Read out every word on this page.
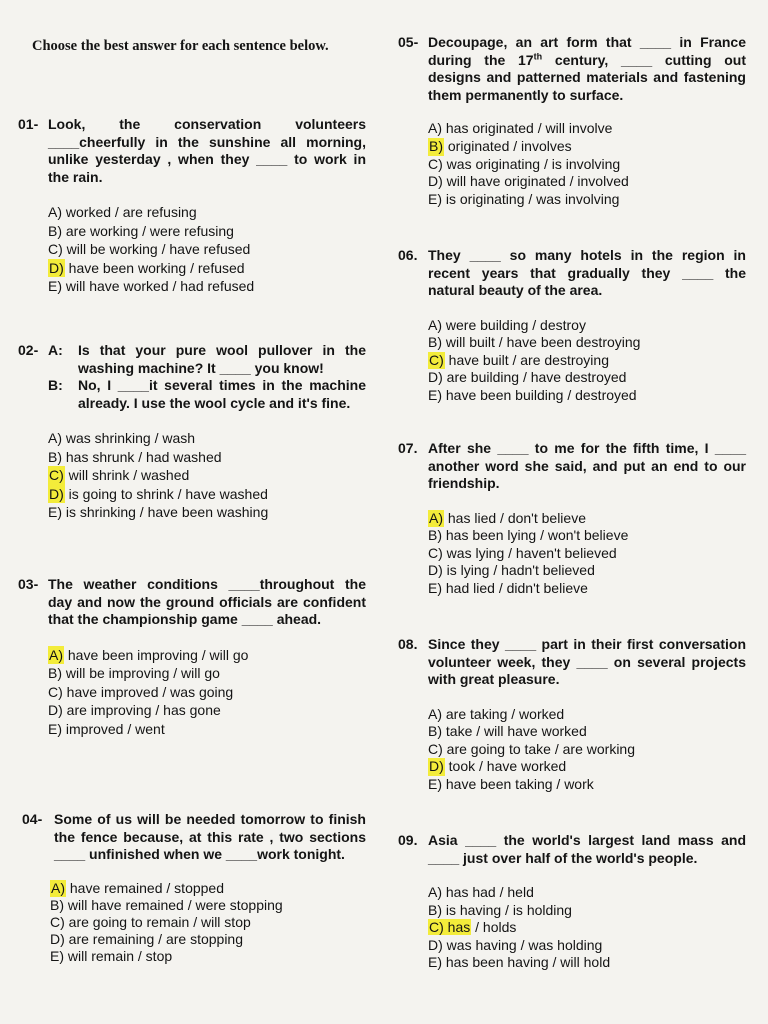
Choose the best answer for each sentence below.
01- Look, the conservation volunteers ____cheerfully in the sunshine all morning, unlike yesterday , when they ____ to work in the rain.
A) worked / are refusing
B) are working / were refusing
C) will be working / have refused
D) have been working / refused
E) will have worked / had refused
02- A: Is that your pure wool pullover in the washing machine? It ____ you know!
B: No, I ____it several times in the machine already. I use the wool cycle and it's fine.
A) was shrinking / wash
B) has shrunk / had washed
C) will shrink / washed
D) is going to shrink / have washed
E) is shrinking / have been washing
03- The weather conditions ____throughout the day and now the ground officials are confident that the championship game ____ ahead.
A) have been improving / will go
B) will be improving / will go
C) have improved / was going
D) are improving / has gone
E) improved / went
04- Some of us will be needed tomorrow to finish the fence because, at this rate , two sections ____ unfinished when we ____work tonight.
A) have remained / stopped
B) will have remained / were stopping
C) are going to remain / will stop
D) are remaining / are stopping
E) will remain / stop
05- Decoupage, an art form that ____ in France during the 17th century, ____ cutting out designs and patterned materials and fastening them permanently to surface.
A) has originated / will involve
B) originated / involves
C) was originating / is involving
D) will have originated / involved
E) is originating / was involving
06. They ____ so many hotels in the region in recent years that gradually they ____ the natural beauty of the area.
A) were building / destroy
B) will built / have been destroying
C) have built / are destroying
D) are building / have destroyed
E) have been building / destroyed
07. After she ____ to me for the fifth time, I ____ another word she said, and put an end to our friendship.
A) has lied / don't believe
B) has been lying / won't believe
C) was lying / haven't believed
D) is lying / hadn't believed
E) had lied / didn't believe
08. Since they ____ part in their first conversation volunteer week, they ____ on several projects with great pleasure.
A) are taking / worked
B) take / will have worked
C) are going to take / are working
D) took / have worked
E) have been taking / work
09. Asia ____ the world's largest land mass and ____ just over half of the world's people.
A) has had / held
B) is having / is holding
C) has / holds
D) was having / was holding
E) has been having / will hold
